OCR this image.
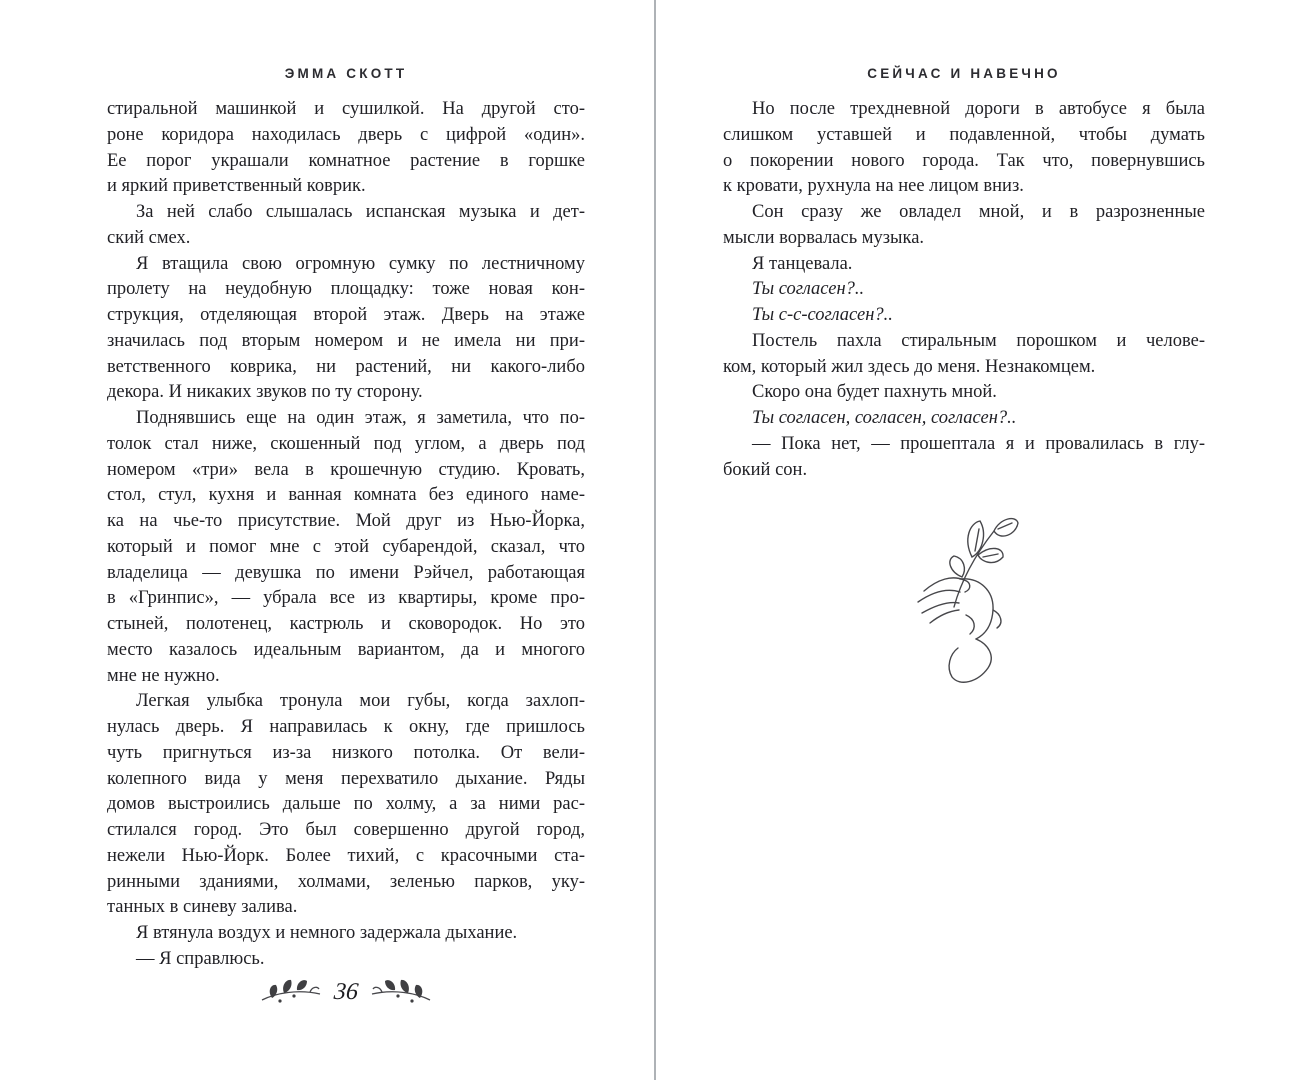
ЭММА СКОТТ	СЕЙЧАС И НАВЕЧНО
стиральной машинкой и сушилкой. На другой сто-
роне коридора находилась дверь с цифрой «один».
Ее порог украшали комнатное растение в горшке
и яркий приветственный коврик.
За ней слабо слышалась испанская музыка и дет-
ский смех.
Я втащила свою огромную сумку по лестничному
пролету на неудобную площадку: тоже новая кон-
струкция, отделяющая второй этаж. Дверь на этаже
значилась под вторым номером и не имела ни при-
ветственного коврика, ни растений, ни какого-либо
декора. И никаких звуков по ту сторону.
Поднявшись еще на один этаж, я заметила, что по-
толок стал ниже, скошенный под углом, а дверь под
номером «три» вела в крошечную студию. Кровать,
стол, стул, кухня и ванная комната без единого наме-
ка на чье-то присутствие. Мой друг из Нью-Йорка,
который и помог мне с этой субарендой, сказал, что
владелица — девушка по имени Рэйчел, работающая
в «Гринпис», — убрала все из квартиры, кроме про-
стыней, полотенец, кастрюль и сковородок. Но это
место казалось идеальным вариантом, да и многого
мне не нужно.
Легкая улыбка тронула мои губы, когда захлоп-
нулась дверь. Я направилась к окну, где пришлось
чуть пригнуться из-за низкого потолка. От вели-
колепного вида у меня перехватило дыхание. Ряды
домов выстроились дальше по холму, а за ними рас-
стилался город. Это был совершенно другой город,
нежели Нью-Йорк. Более тихий, с красочными ста-
ринными зданиями, холмами, зеленью парков, уку-
танных в синеву залива.
Я втянула воздух и немного задержала дыхание.
— Я справлюсь.
Но после трехдневной дороги в автобусе я была
слишком уставшей и подавленной, чтобы думать
о покорении нового города. Так что, повернувшись
к кровати, рухнула на нее лицом вниз.
Сон сразу же овладел мной, и в разрозненные
мысли ворвалась музыка.
Я танцевала.
Ты согласен?..
Ты с-с-согласен?..
Постель пахла стиральным порошком и челове-
ком, который жил здесь до меня. Незнакомцем.
Скоро она будет пахнуть мной.
Ты согласен, согласен, согласен?..
— Пока нет, — прошептала я и провалилась в глу-
бокий сон.
36
